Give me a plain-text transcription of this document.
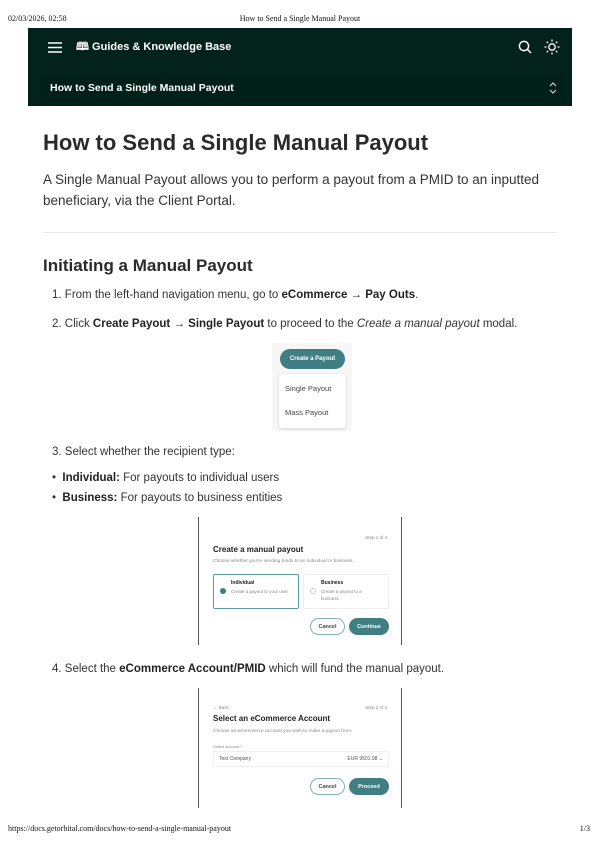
02/03/2026, 02:58	How to Send a Single Manual Payout
🕮 Guides & Knowledge Base
How to Send a Single Manual Payout
How to Send a Single Manual Payout

A Single Manual Payout allows you to perform a payout from a PMID to an inputted beneficiary, via the Client Portal.

Initiating a Manual Payout
1. From the left-hand navigation menu, go to eCommerce → Pay Outs.
2. Click Create Payout → Single Payout to proceed to the Create a manual payout modal.
Create a Payout
Single Payout
Mass Payout
3. Select whether the recipient type:
•  Individual: For payouts to individual users
•  Business: For payouts to business entities
Step 1 of 4
Create a manual payout
Choose whether you're sending funds to an individual or business.
Individual
Create a payout to your user
Business
Create a payout to a business
Cancel	Continue
4. Select the eCommerce Account/PMID which will fund the manual payout.
← Back	Step 2 of 4
Select an eCommerce Account
Choose an eCommerce account you wish to make a payout from.
Select account *
Test Company	EUR 9501.98 ⌄
Cancel	Proceed
https://docs.getorbital.com/docs/how-to-send-a-single-manual-payout	1/3
